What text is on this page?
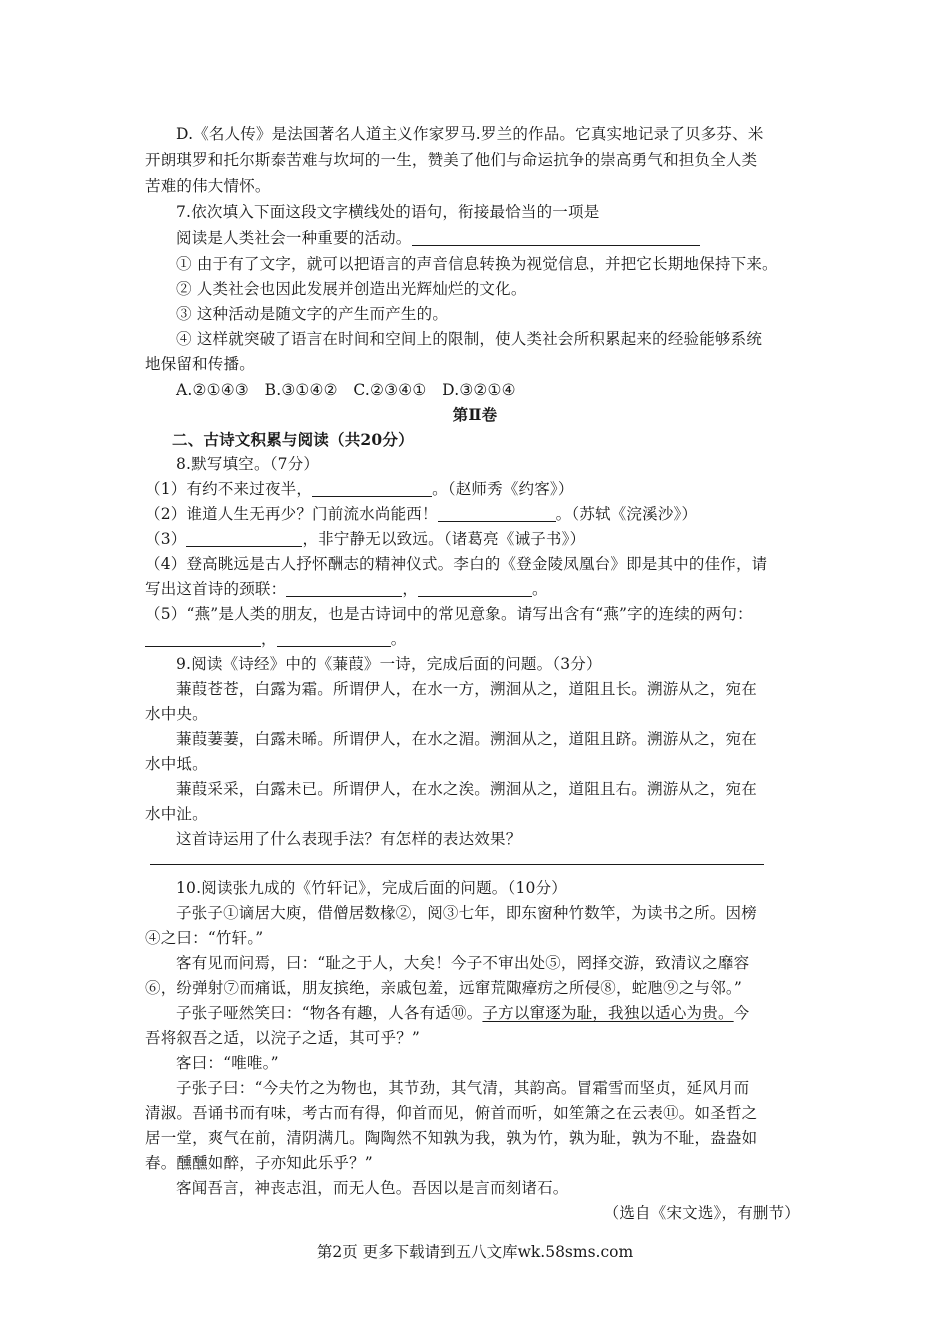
D.《名人传》是法国著名人道主义作家罗马.罗兰的作品。它真实地记录了贝多芬、米
开朗琪罗和托尔斯泰苦难与坎坷的一生，赞美了他们与命运抗争的崇高勇气和担负全人类
苦难的伟大情怀。
7.依次填入下面这段文字横线处的语句，衔接最恰当的一项是
阅读是人类社会一种重要的活动。
① 由于有了文字，就可以把语言的声音信息转换为视觉信息，并把它长期地保持下来。
② 人类社会也因此发展并创造出光辉灿烂的文化。
③ 这种活动是随文字的产生而产生的。
④ 这样就突破了语言在时间和空间上的限制，使人类社会所积累起来的经验能够系统
地保留和传播。
A.②①④③　B.③①④②　C.②③④①　D.③②①④
第Ⅱ卷
二、古诗文积累与阅读（共20分）
8.默写填空。（7分）
（1）有约不来过夜半，	。（赵师秀《约客》）
（2）谁道人生无再少？门前流水尚能西！	。（苏轼《浣溪沙》）
（3）	，非宁静无以致远。（诸葛亮《诫子书》）
（4）登高眺远是古人抒怀酬志的精神仪式。李白的《登金陵凤凰台》即是其中的佳作，请
写出这首诗的颈联：	，	。
（5）“燕”是人类的朋友，也是古诗词中的常见意象。请写出含有“燕”字的连续的两句：
，	。
9.阅读《诗经》中的《蒹葭》一诗，完成后面的问题。（3分）
蒹葭苍苍，白露为霜。所谓伊人，在水一方，溯洄从之，道阻且长。溯游从之，宛在
水中央。
蒹葭萋萋，白露未晞。所谓伊人，在水之湄。溯洄从之，道阻且跻。溯游从之，宛在
水中坻。
蒹葭采采，白露未已。所谓伊人，在水之涘。溯洄从之，道阻且右。溯游从之，宛在
水中沚。
这首诗运用了什么表现手法？有怎样的表达效果？
10.阅读张九成的《竹轩记》，完成后面的问题。（10分）
子张子①谪居大庾，借僧居数椽②，阅③七年，即东窗种竹数竿，为读书之所。因榜
④之曰：“竹轩。”
客有见而问焉，曰：“耻之于人，大矣！今子不审出处⑤，罔择交游，致清议之靡容
⑥，纷弹射⑦而痛诋，朋友摈绝，亲戚包羞，远窜荒陬瘴疠之所侵⑧，蛇虺⑨之与邻。”
子张子哑然笑曰：“物各有趣，人各有适⑩。子方以窜逐为耻，我独以适心为贵。今
吾将叙吾之适，以浣子之适，其可乎？”
客曰：“唯唯。”
子张子曰：“今夫竹之为物也，其节劲，其气清，其韵高。冒霜雪而坚贞，延风月而
清淑。吾诵书而有味，考古而有得，仰首而见，俯首而听，如笙箫之在云表⑪。如圣哲之
居一堂，爽气在前，清阴满几。陶陶然不知孰为我，孰为竹，孰为耻，孰为不耻，盎盎如
春。醺醺如醉，子亦知此乐乎？”
客闻吾言，神丧志沮，而无人色。吾因以是言而刻诸石。
（选自《宋文选》，有删节）
第2页 更多下载请到五八文库wk.58sms.com
